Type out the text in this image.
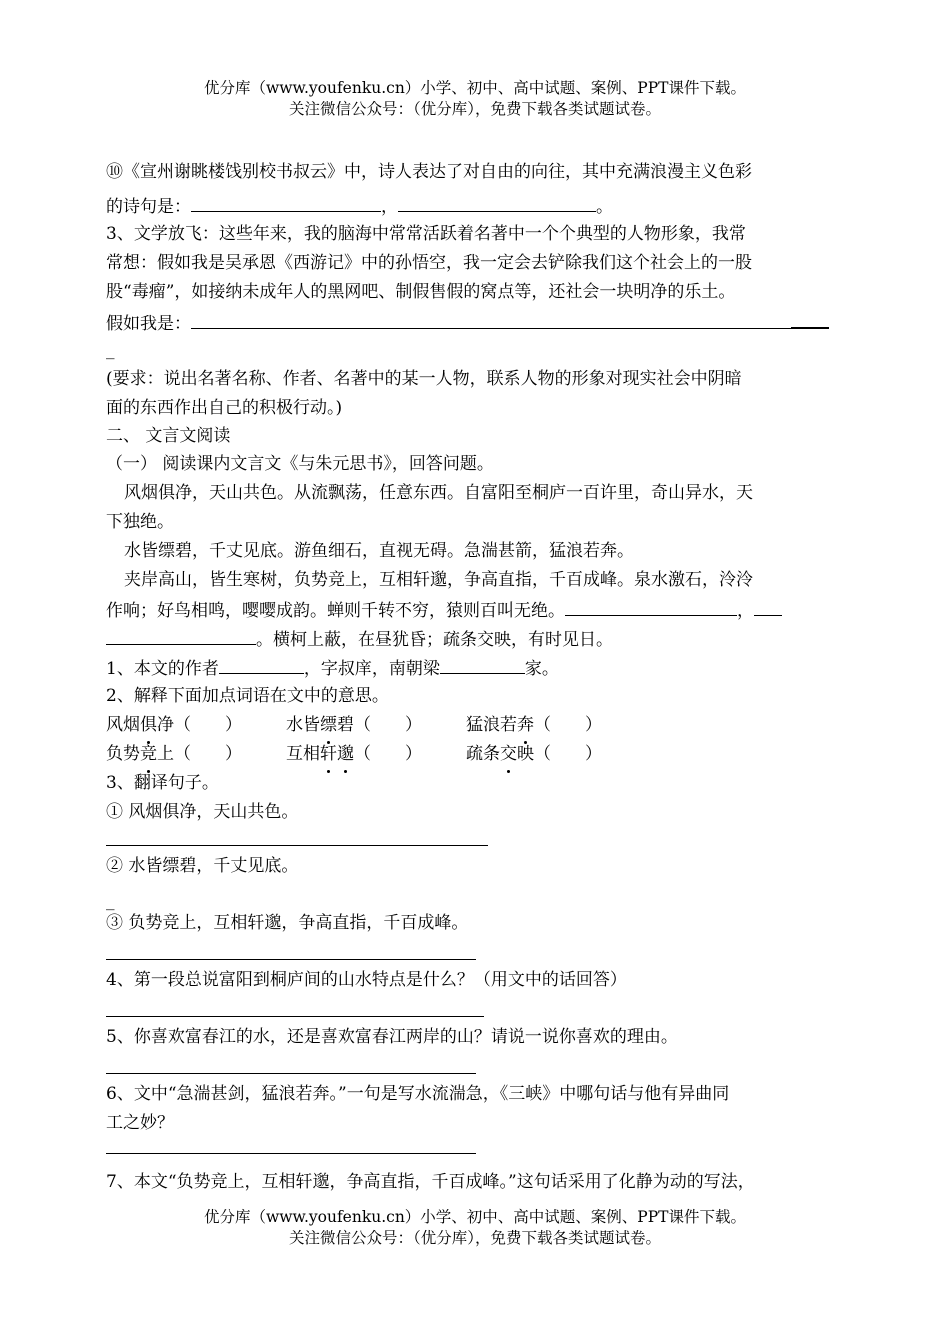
优分库（www.youfenku.cn）小学、初中、高中试题、案例、PPT课件下载。
关注微信公众号：（优分库），免费下载各类试题试卷。
⑩《宣州谢眺楼饯别校书叔云》中，诗人表达了对自由的向往，其中充满浪漫主义色彩
的诗句是：	，	。
3、文学放飞：这些年来，我的脑海中常常活跃着名著中一个个典型的人物形象，我常
常想：假如我是吴承恩《西游记》中的孙悟空，我一定会去铲除我们这个社会上的一股
股“毒瘤”，如接纳未成年人的黑网吧、制假售假的窝点等，还社会一块明净的乐土。
假如我是：
_
(要求：说出名著名称、作者、名著中的某一人物，联系人物的形象对现实社会中阴暗
面的东西作出自己的积极行动。)
二、 文言文阅读
（一） 阅读课内文言文《与朱元思书》，回答问题。
风烟俱净，天山共色。从流飘荡，任意东西。自富阳至桐庐一百许里，奇山异水，天
下独绝。
水皆缥碧，千丈见底。游鱼细石，直视无碍。急湍甚箭，猛浪若奔。
夹岸高山，皆生寒树，负势竞上，互相轩邈，争高直指，千百成峰。泉水激石，泠泠
作响；好鸟相鸣，嘤嘤成韵。蝉则千转不穷，猿则百叫无绝。	，
。横柯上蔽，在昼犹昏；疏条交映，有时见日。
1、本文的作者	，字叔庠，南朝梁	家。
2、解释下面加点词语在文中的意思。
风烟俱净（　　）	水皆缥碧（　　）	猛浪若奔（　　）
负势竞上（　　）	互相轩邈（　　）	疏条交映（　　）
3、翻译句子。
① 风烟俱净，天山共色。
② 水皆缥碧，千丈见底。
_
③ 负势竞上，互相轩邈，争高直指，千百成峰。
4、第一段总说富阳到桐庐间的山水特点是什么？（用文中的话回答）
5、你喜欢富春江的水，还是喜欢富春江两岸的山？请说一说你喜欢的理由。
6、文中“急湍甚剑，猛浪若奔。”一句是写水流湍急，《三峡》中哪句话与他有异曲同
工之妙？
7、本文“负势竞上，互相轩邈，争高直指，千百成峰。”这句话采用了化静为动的写法，
优分库（www.youfenku.cn）小学、初中、高中试题、案例、PPT课件下载。
关注微信公众号：（优分库），免费下载各类试题试卷。
